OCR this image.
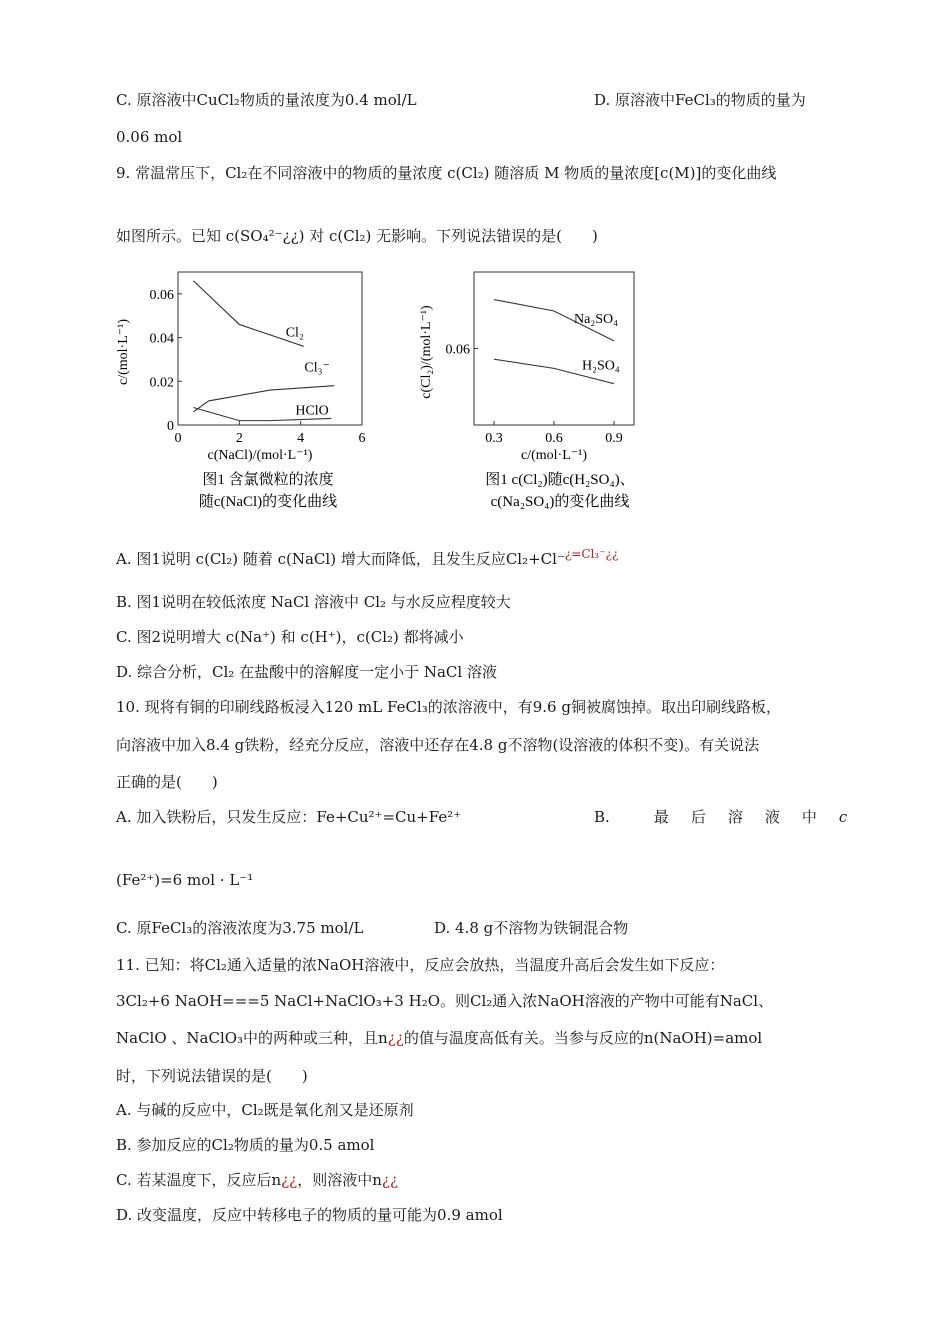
C. 原溶液中CuCl₂物质的量浓度为0.4 mol/L	D. 原溶液中FeCl₃的物质的量为
0.06 mol
9. 常温常压下，Cl₂在不同溶液中的物质的量浓度 c(Cl₂) 随溶质 M 物质的量浓度[c(M)]的变化曲线
如图所示。已知 c(SO₄²⁻¿¿) 对 c(Cl₂) 无影响。下列说法错误的是(　　)
0	2	4	6
0
0.02
0.04
0.06
Cl₂
Cl₃⁻
HClO
c/(mol·L⁻¹)
c(NaCl)/(mol·L⁻¹)
图1 含氯微粒的浓度
随c(NaCl)的变化曲线
0.3	0.6	0.9
0.06
Na₂SO₄
H₂SO₄
c(Cl₂)/(mol·L⁻¹)
c/(mol·L⁻¹)
图1 c(Cl₂)随c(H₂SO₄)、
c(Na₂SO₄)的变化曲线
A. 图1说明 c(Cl₂) 随着 c(NaCl) 增大而降低，且发生反应Cl₂+Cl⁻$^{¿=Cl_3^-¿¿}$
B. 图1说明在较低浓度 NaCl 溶液中 Cl₂ 与水反应程度较大
C. 图2说明增大 c(Na⁺) 和 c(H⁺)，c(Cl₂) 都将减小
D. 综合分析，Cl₂ 在盐酸中的溶解度一定小于 NaCl 溶液
10. 现将有铜的印刷线路板浸入120 mL FeCl₃的浓溶液中，有9.6 g铜被腐蚀掉。取出印刷线路板，
向溶液中加入8.4 g铁粉，经充分反应，溶液中还存在4.8 g不溶物(设溶液的体积不变)。有关说法
正确的是(　　)
A. 加入铁粉后，只发生反应：Fe+Cu²⁺=Cu+Fe²⁺	B.	最 后 溶 液 中 c
(Fe²⁺)=6 mol · L⁻¹
C. 原FeCl₃的溶液浓度为3.75 mol/L	D. 4.8 g不溶物为铁铜混合物
11. 已知：将Cl₂通入适量的浓NaOH溶液中，反应会放热，当温度升高后会发生如下反应：
3Cl₂+6 NaOH===5 NaCl+NaClO₃+3 H₂O。则Cl₂通入浓NaOH溶液的产物中可能有NaCl、
NaClO 、NaClO₃中的两种或三种，且n¿¿的值与温度高低有关。当参与反应的n(NaOH)=amol
时，下列说法错误的是(　　)
A. 与碱的反应中，Cl₂既是氧化剂又是还原剂
B. 参加反应的Cl₂物质的量为0.5 amol
C. 若某温度下，反应后n¿¿，则溶液中n¿¿
D. 改变温度，反应中转移电子的物质的量可能为0.9 amol
